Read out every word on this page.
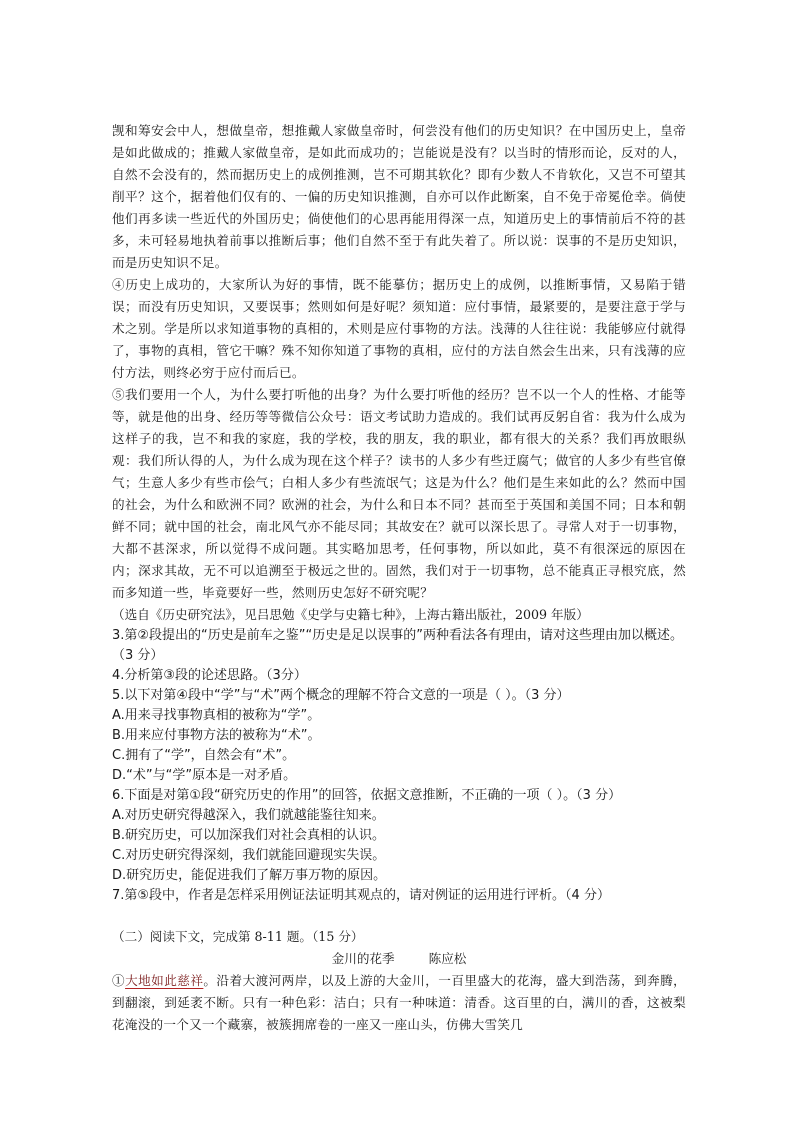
觊和筹安会中人，想做皇帝，想推戴人家做皇帝时，何尝没有他们的历史知识？在中国历史上，皇帝是如此做成的；推戴人家做皇帝，是如此而成功的；岂能说是没有？以当时的情形而论，反对的人，自然不会没有的，然而据历史上的成例推测，岂不可期其软化？即有少数人不肯软化，又岂不可望其削平？这个，据着他们仅有的、一偏的历史知识推测，自亦可以作此断案，自不免于帝冕伧幸。倘使他们再多读一些近代的外国历史；倘使他们的心思再能用得深一点，知道历史上的事情前后不符的甚多，未可轻易地执着前事以推断后事；他们自然不至于有此失着了。所以说：误事的不是历史知识，而是历史知识不足。

④历史上成功的，大家所认为好的事情，既不能摹仿；据历史上的成例，以推断事情，又易陷于错误；而没有历史知识，又要误事；然则如何是好呢？须知道：应付事情，最紧要的，是要注意于学与术之别。学是所以求知道事物的真相的，术则是应付事物的方法。浅薄的人往往说：我能够应付就得了，事物的真相，管它干嘛？殊不知你知道了事物的真相，应付的方法自然会生出来，只有浅薄的应付方法，则终必穷于应付而后已。

⑤我们要用一个人，为什么要打听他的出身？为什么要打听他的经历？岂不以一个人的性格、才能等等，就是他的出身、经历等等微信公众号：语文考试助力造成的。我们试再反躬自省：我为什么成为这样子的我，岂不和我的家庭，我的学校，我的朋友，我的职业，都有很大的关系？我们再放眼纵观：我们所认得的人，为什么成为现在这个样子？读书的人多少有些迂腐气；做官的人多少有些官僚气；生意人多少有些市侩气；白相人多少有些流氓气；这是为什么？他们是生来如此的么？然而中国的社会，为什么和欧洲不同？欧洲的社会，为什么和日本不同？甚而至于英国和美国不同；日本和朝鲜不同；就中国的社会，南北风气亦不能尽同；其故安在？就可以深长思了。寻常人对于一切事物，大都不甚深求，所以觉得不成问题。其实略加思考，任何事物，所以如此，莫不有很深远的原因在内；深求其故，无不可以追溯至于极远之世的。固然，我们对于一切事物，总不能真正寻根究底，然而多知道一些，毕竟要好一些，然则历史怎好不研究呢？

（选自《历史研究法》，见吕思勉《史学与史籍七种》，上海古籍出版社，2009 年版）

3.第②段提出的“历史是前车之鉴”“历史是足以误事的”两种看法各有理由，请对这些理由加以概述。（3 分）

4.分析第③段的论述思路。（3分）

5.以下对第④段中“学”与“术”两个概念的理解不符合文意的一项是（ ）。（3 分）

A.用来寻找事物真相的被称为“学”。

B.用来应付事物方法的被称为“术”。

C.拥有了“学”，自然会有“术”。

D.“术”与“学”原本是一对矛盾。

6.下面是对第①段“研究历史的作用”的回答，依据文意推断，不正确的一项（ ）。（3 分）

A.对历史研究得越深入，我们就越能鉴往知来。

B.研究历史，可以加深我们对社会真相的认识。

C.对历史研究得深刻，我们就能回避现实失误。

D.研究历史，能促进我们了解万事万物的原因。

7.第⑤段中，作者是怎样采用例证法证明其观点的，请对例证的运用进行评析。（4 分）

（二）阅读下文，完成第 8-11 题。（15 分）

金川的花季	陈应松

①大地如此慈祥。沿着大渡河两岸，以及上游的大金川，一百里盛大的花海，盛大到浩荡，到奔腾，到翻滚，到延袤不断。只有一种色彩：洁白；只有一种味道：清香。这百里的白，满川的香，这被梨花淹没的一个又一个藏寨，被簇拥席卷的一座又一座山头，仿佛大雪笑几
